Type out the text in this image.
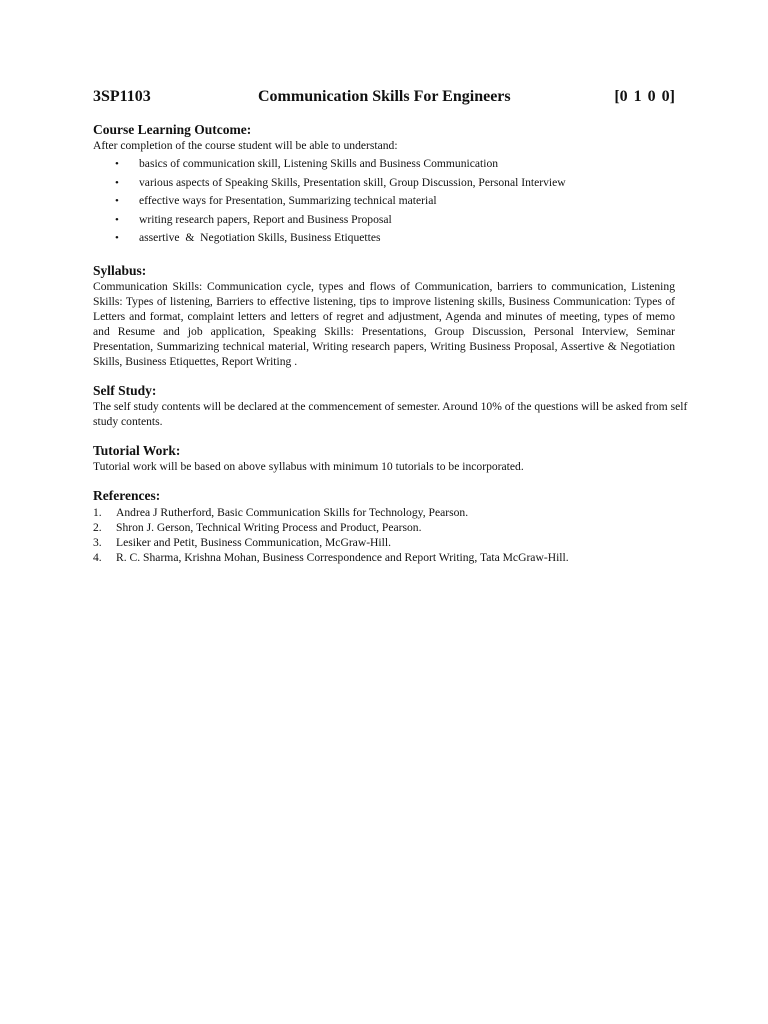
3SP1103	Communication Skills For Engineers	[0 1 0 0]

Course Learning Outcome:

After completion of the course student will be able to understand:

• basics of communication skill, Listening Skills and Business Communication
• various aspects of Speaking Skills, Presentation skill, Group Discussion, Personal Interview
• effective ways for Presentation, Summarizing technical material
• writing research papers, Report and Business Proposal
• assertive  &  Negotiation Skills, Business Etiquettes

Syllabus:

Communication Skills: Communication cycle, types and flows of Communication, barriers to communication, Listening Skills: Types of listening, Barriers to effective listening, tips to improve listening skills, Business Communication: Types of Letters and format, complaint letters and letters of regret and adjustment, Agenda and minutes of meeting, types of memo and Resume and job application, Speaking Skills: Presentations, Group Discussion, Personal Interview, Seminar Presentation, Summarizing technical material, Writing research papers, Writing Business Proposal, Assertive & Negotiation Skills, Business Etiquettes, Report Writing .

Self Study:

The self study contents will be declared at the commencement of semester. Around 10% of the questions will be asked from self study contents.

Tutorial Work:

Tutorial work will be based on above syllabus with minimum 10 tutorials to be incorporated.

References:

1. Andrea J Rutherford, Basic Communication Skills for Technology, Pearson.
2. Shron J. Gerson, Technical Writing Process and Product, Pearson.
3. Lesiker and Petit, Business Communication, McGraw-Hill.
4. R. C. Sharma, Krishna Mohan, Business Correspondence and Report Writing, Tata McGraw-Hill.
